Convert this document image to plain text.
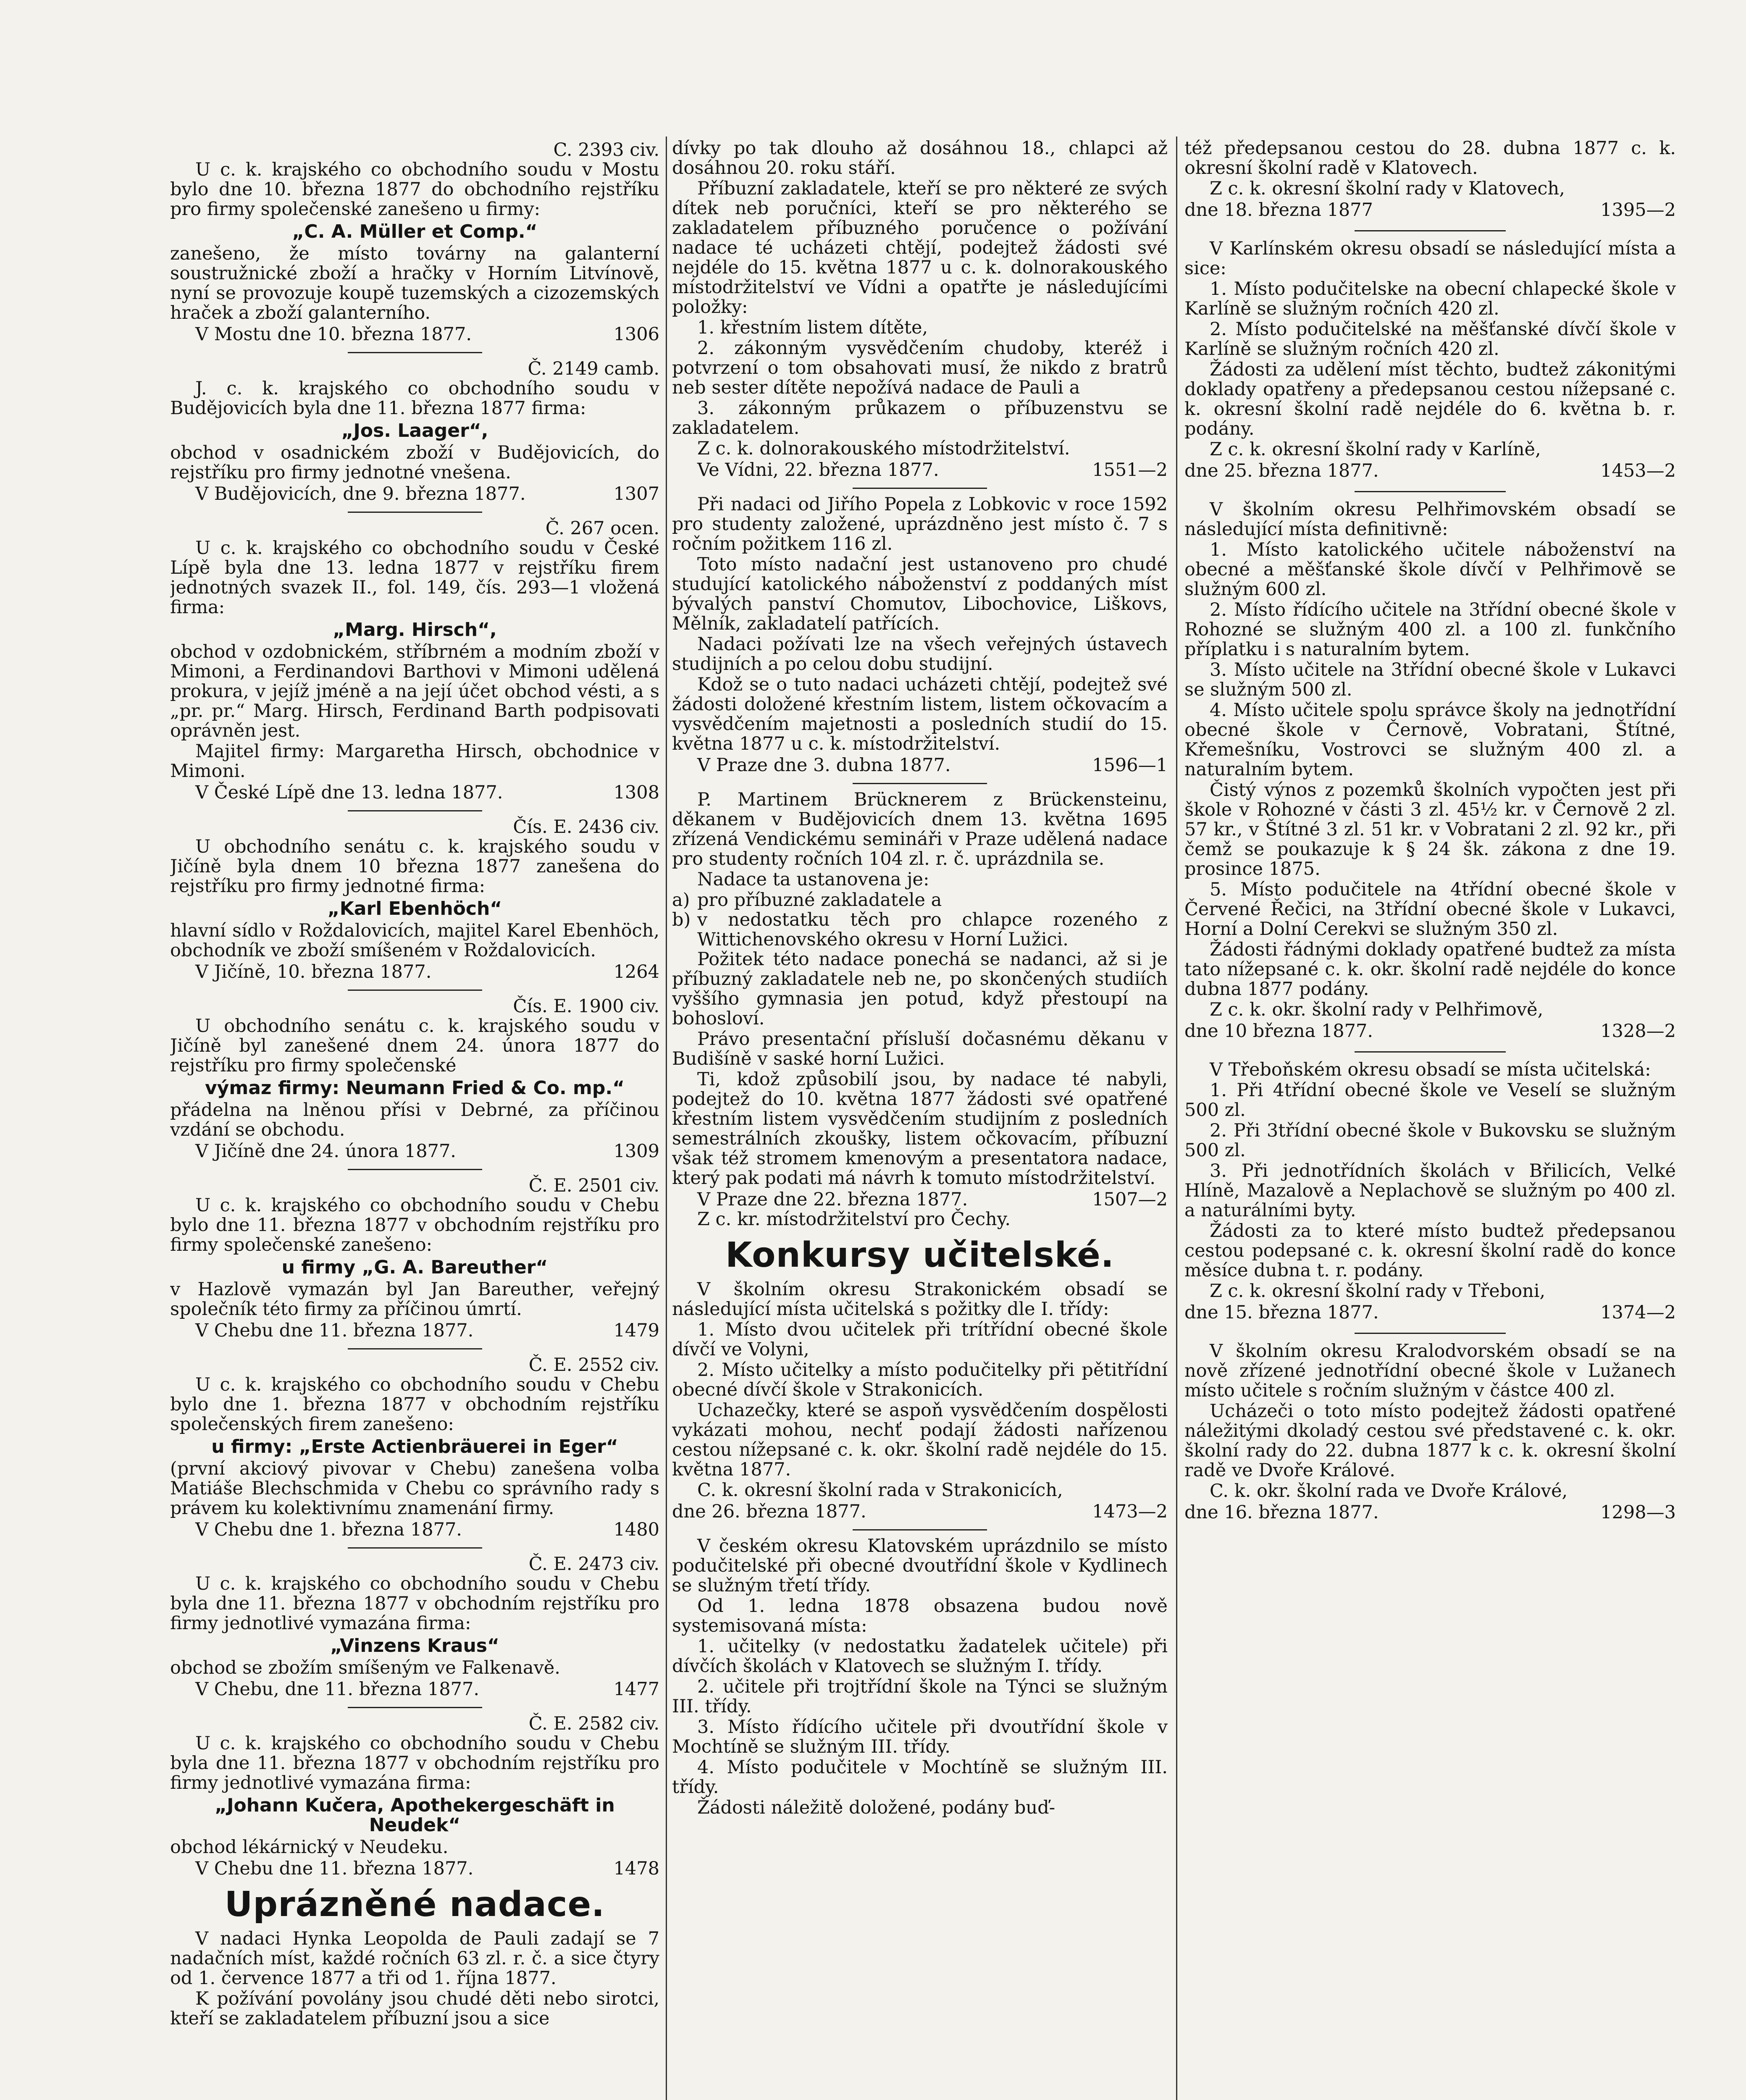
C. 2393 civ.

U c. k. krajského co obchodního soudu v Mostu bylo dne 10. března 1877 do obchodního rejstříku pro firmy společenské zanešeno u firmy:

„C. A. Müller et Comp.“

zanešeno, že místo továrny na galanterní soustružnické zboží a hračky v Horním Litvínově, nyní se provozuje koupě tuzemských a cizozemských hraček a zboží galanterního.

V Mostu dne 10. března 1877.	1306
Č. 2149 camb.

J. c. k. krajského co obchodního soudu v Budějovicích byla dne 11. března 1877 firma:

„Jos. Laager“,

obchod v osadnickém zboží v Budějovicích, do rejstříku pro firmy jednotné vnešena.

V Budějovicích, dne 9. března 1877.	1307
Č. 267 ocen.

U c. k. krajského co obchodního soudu v České Lípě byla dne 13. ledna 1877 v rejstříku firem jednotných svazek II., fol. 149, čís. 293—1 vložená firma:

„Marg. Hirsch“,

obchod v ozdobnickém, stříbrném a modním zboží v Mimoni, a Ferdinandovi Barthovi v Mimoni udělená prokura, v jejíž jméně a na její účet obchod vésti, a s „pr. pr.“ Marg. Hirsch, Ferdinand Barth podpisovati oprávněn jest.

Majitel firmy: Margaretha Hirsch, obchodnice v Mimoni.

V České Lípě dne 13. ledna 1877.	1308
Čís. E. 2436 civ.

U obchodního senátu c. k. krajského soudu v Jičíně byla dnem 10 března 1877 zanešena do rejstříku pro firmy jednotné firma:

„Karl Ebenhöch“

hlavní sídlo v Roždalovicích, majitel Karel Ebenhöch, obchodník ve zboží smíšeném v Roždalovicích.

V Jičíně, 10. března 1877.	1264
Čís. E. 1900 civ.

U obchodního senátu c. k. krajského soudu v Jičíně byl zanešené dnem 24. února 1877 do rejstříku pro firmy společenské

výmaz firmy: Neumann Fried & Co. mp.“

přádelna na lněnou přísi v Debrné, za příčinou vzdání se obchodu.

V Jičíně dne 24. února 1877.	1309
Č. E. 2501 civ.

U c. k. krajského co obchodního soudu v Chebu bylo dne 11. března 1877 v obchodním rejstříku pro firmy společenské zanešeno:

u firmy „G. A. Bareuther“

v Hazlově vymazán byl Jan Bareuther, veřejný společník této firmy za příčinou úmrtí.

V Chebu dne 11. března 1877.	1479
Č. E. 2552 civ.

U c. k. krajského co obchodního soudu v Chebu bylo dne 1. března 1877 v obchodním rejstříku společenských firem zanešeno:

u firmy: „Erste Actienbräuerei in Eger“

(první akciový pivovar v Chebu) zanešena volba Matiáše Blechschmida v Chebu co správního rady s právem ku kolektivnímu znamenání firmy.

V Chebu dne 1. března 1877.	1480
Č. E. 2473 civ.

U c. k. krajského co obchodního soudu v Chebu byla dne 11. března 1877 v obchodním rejstříku pro firmy jednotlivé vymazána firma:

„Vinzens Kraus“

obchod se zbožím smíšeným ve Falkenavě.

V Chebu, dne 11. března 1877.	1477
Č. E. 2582 civ.

U c. k. krajského co obchodního soudu v Chebu byla dne 11. března 1877 v obchodním rejstříku pro firmy jednotlivé vymazána firma:

„Johann Kučera, Apothekergeschäft in Neudek“

obchod lékárnický v Neudeku.

V Chebu dne 11. března 1877.	1478
Uprázněné nadace.

V nadaci Hynka Leopolda de Pauli zadají se 7 nadačních míst, každé ročních 63 zl. r. č. a sice čtyry od 1. července 1877 a tři od 1. října 1877.

K požívání povolány jsou chudé děti nebo sirotci, kteří se zakladatelem příbuzní jsou a sice

dívky po tak dlouho až dosáhnou 18., chlapci až dosáhnou 20. roku stáří.

Příbuzní zakladatele, kteří se pro některé ze svých dítek neb poručníci, kteří se pro některého se zakladatelem příbuzného poručence o požívání nadace té ucházeti chtějí, podejtež žádosti své nejdéle do 15. května 1877 u c. k. dolnorakouského místodržitelství ve Vídni a opatřte je následujícími položky:

1. křestním listem dítěte,

2. zákonným vysvědčením chudoby, kteréž i potvrzení o tom obsahovati musí, že nikdo z bratrů neb sester dítěte nepožívá nadace de Pauli a

3. zákonným průkazem o příbuzenstvu se zakladatelem.

Z c. k. dolnorakouského místodržitelství.

Ve Vídni, 22. března 1877.	1551—2

Při nadaci od Jiřího Popela z Lobkovic v roce 1592 pro studenty založené, uprázdněno jest místo č. 7 s ročním požitkem 116 zl.

Toto místo nadační jest ustanoveno pro chudé studující katolického náboženství z poddaných míst bývalých panství Chomutov, Libochovice, Liškovs, Mělník, zakladatelí patřících.

Nadaci požívati lze na všech veřejných ústavech studijních a po celou dobu studijní.

Kdož se o tuto nadaci ucházeti chtějí, podejtež své žádosti doložené křestním listem, listem očkovacím a vysvědčením majetnosti a posledních studií do 15. května 1877 u c. k. místodržitelství.

V Praze dne 3. dubna 1877.	1596—1

P. Martinem Brücknerem z Brückensteinu, děkanem v Budějovicích dnem 13. května 1695 zřízená Vendickému semináři v Praze udělená nadace pro studenty ročních 104 zl. r. č. uprázdnila se.

Nadace ta ustanovena je:

a) pro příbuzné zakladatele a
b) v nedostatku těch pro chlapce rozeného z Wittichenovského okresu v Horní Lužici.

Požitek této nadace ponechá se nadanci, až si je příbuzný zakladatele neb ne, po skončených studiích vyššího gymnasia jen potud, když přestoupí na bohosloví.

Právo presentační přísluší dočasnému děkanu v Budišíně v saské horní Lužici.

Ti, kdož způsobilí jsou, by nadace té nabyli, podejtež do 10. května 1877 žádosti své opatřené křestním listem vysvědčením studijním z posledních semestrálních zkoušky, listem očkovacím, příbuzní však též stromem kmenovým a presentatora nadace, který pak podati má návrh k tomuto místodržitelství.

V Praze dne 22. března 1877.	1507—2

Z c. kr. místodržitelství pro Čechy.

Konkursy učitelské.

V školním okresu Strakonickém obsadí se následující místa učitelská s požitky dle I. třídy:

1. Místo dvou učitelek při trítřídní obecné škole dívčí ve Volyni,

2. Místo učitelky a místo podučitelky při pětitřídní obecné dívčí škole v Strakonicích.

Uchazečky, které se aspoň vysvědčením dospělosti vykázati mohou, nechť podají žádosti nařízenou cestou nížepsané c. k. okr. školní radě nejdéle do 15. května 1877.

C. k. okresní školní rada v Strakonicích,

dne 26. března 1877.	1473—2

V českém okresu Klatovském uprázdnilo se místo podučitelské při obecné dvoutřídní škole v Kydlinech se služným třetí třídy.

Od 1. ledna 1878 obsazena budou nově systemisovaná místa:

1. učitelky (v nedostatku žadatelek učitele) při dívčích školách v Klatovech se služným I. třídy.

2. učitele při trojtřídní škole na Týnci se služným III. třídy.

3. Místo řídícího učitele při dvoutřídní škole v Mochtíně se služným III. třídy.

4. Místo podučitele v Mochtíně se služným III. třídy.

Žádosti náležitě doložené, podány buď-

též předepsanou cestou do 28. dubna 1877 c. k. okresní školní radě v Klatovech.

Z c. k. okresní školní rady v Klatovech,

dne 18. března 1877	1395—2

V Karlínském okresu obsadí se následující místa a sice:

1. Místo podučitelske na obecní chlapecké škole v Karlíně se služným ročních 420 zl.

2. Místo podučitelské na měšťanské dívčí škole v Karlíně se služným ročních 420 zl.

Žádosti za udělení míst těchto, budtež zákonitými doklady opatřeny a předepsanou cestou nížepsané c. k. okresní školní radě nejdéle do 6. května b. r. podány.

Z c. k. okresní školní rady v Karlíně,

dne 25. března 1877.	1453—2

V školním okresu Pelhřimovském obsadí se následující místa definitivně:

1. Místo katolického učitele náboženství na obecné a měšťanské škole dívčí v Pelhřimově se služným 600 zl.

2. Místo řídícího učitele na 3třídní obecné škole v Rohozné se služným 400 zl. a 100 zl. funkčního příplatku i s naturalním bytem.

3. Místo učitele na 3třídní obecné škole v Lukavci se služným 500 zl.

4. Místo učitele spolu správce školy na jednotřídní obecné škole v Černově, Vobratani, Štítné, Křemešníku, Vostrovci se služným 400 zl. a naturalním bytem.

Čistý výnos z pozemků školních vypočten jest při škole v Rohozné v části 3 zl. 45½ kr. v Černově 2 zl. 57 kr., v Štítné 3 zl. 51 kr. v Vobratani 2 zl. 92 kr., při čemž se poukazuje k § 24 šk. zákona z dne 19. prosince 1875.

5. Místo podučitele na 4třídní obecné škole v Červené Řečici, na 3třídní obecné škole v Lukavci, Horní a Dolní Cerekvi se služným 350 zl.

Žádosti řádnými doklady opatřené budtež za místa tato nížepsané c. k. okr. školní radě nejdéle do konce dubna 1877 podány.

Z c. k. okr. školní rady v Pelhřimově,

dne 10 března 1877.	1328—2

V Třeboňském okresu obsadí se místa učitelská:

1. Při 4třídní obecné škole ve Veselí se služným 500 zl.

2. Při 3třídní obecné škole v Bukovsku se služným 500 zl.

3. Při jednotřídních školách v Břilicích, Velké Hlíně, Mazalově a Neplachově se služným po 400 zl. a naturálními byty.

Žádosti za to které místo budtež předepsanou cestou podepsané c. k. okresní školní radě do konce měsíce dubna t. r. podány.

Z c. k. okresní školní rady v Třeboni,

dne 15. března 1877.	1374—2

V školním okresu Kralodvorském obsadí se na nově zřízené jednotřídní obecné škole v Lužanech místo učitele s ročním služným v částce 400 zl.

Ucházeči o toto místo podejtež žádosti opatřené náležitými dkoladý cestou své představené c. k. okr. školní rady do 22. dubna 1877 k c. k. okresní školní radě ve Dvoře Králové.

C. k. okr. školní rada ve Dvoře Králové,

dne 16. března 1877.	1298—3
